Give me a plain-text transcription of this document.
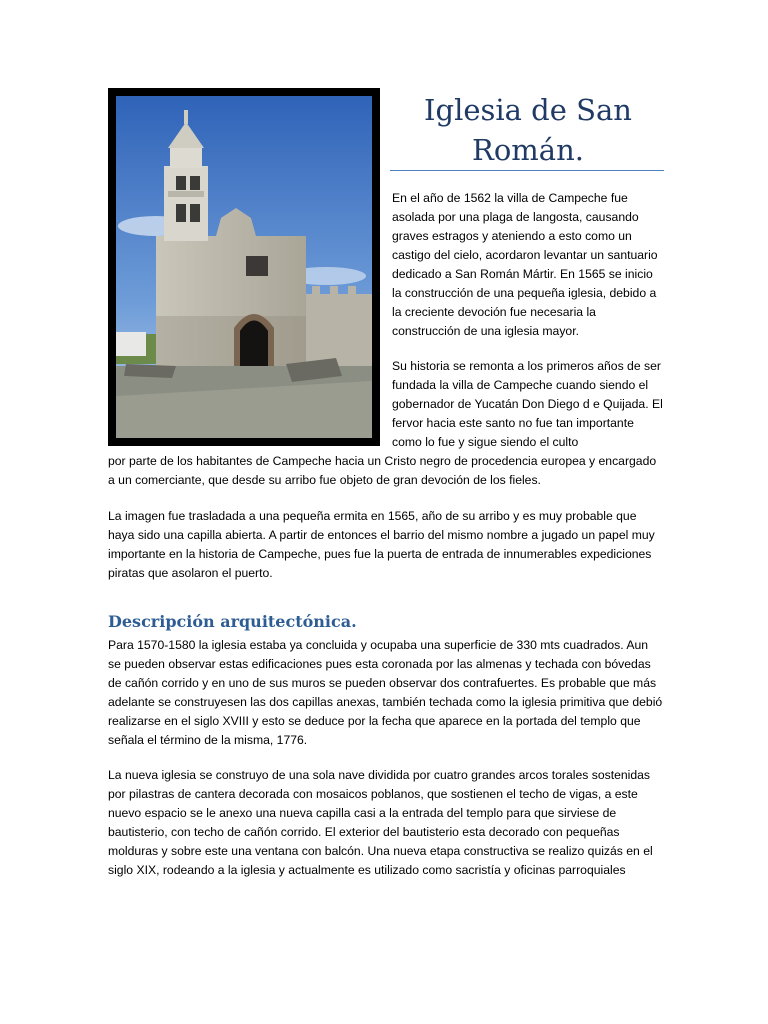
Iglesia de San Román.

En el año de 1562 la villa de Campeche fue asolada por una plaga de langosta, causando graves estragos y ateniendo a esto como un castigo del cielo, acordaron levantar un santuario dedicado a San Román Mártir. En 1565 se inicio la construcción de una pequeña iglesia, debido a la creciente devoción fue necesaria la construcción de una iglesia mayor.

Su historia se remonta a los primeros años de ser fundada la villa de Campeche cuando siendo el gobernador de Yucatán Don Diego d e Quijada. El fervor hacia este santo no fue tan importante como lo fue y sigue siendo el culto

por parte de los habitantes de Campeche hacia un Cristo negro de procedencia europea y encargado a un comerciante, que desde su arribo fue objeto de gran devoción de los fieles.

La imagen fue trasladada a una pequeña ermita en 1565, año de su arribo y es muy probable que haya sido una capilla abierta. A partir de entonces el barrio del mismo nombre a jugado un papel muy importante en la historia de Campeche, pues fue la puerta de entrada de innumerables expediciones piratas que asolaron el puerto.

Descripción arquitectónica.

Para 1570-1580 la iglesia estaba ya concluida y ocupaba una superficie de 330 mts cuadrados. Aun se pueden observar estas edificaciones pues esta coronada por las almenas y techada con bóvedas de cañón corrido y en uno de sus muros se pueden observar dos contrafuertes. Es probable que más adelante se construyesen las dos capillas anexas, también techada como la iglesia primitiva que debió realizarse en el siglo XVIII y esto se deduce por la fecha que aparece en la portada del templo que señala el término de la misma, 1776.

La nueva iglesia se construyo de una sola nave dividida por cuatro grandes arcos torales sostenidas por pilastras de cantera decorada con mosaicos poblanos, que sostienen el techo de vigas, a este nuevo espacio se le anexo una nueva capilla casi a la entrada del templo para que sirviese de bautisterio, con techo de cañón corrido. El exterior del bautisterio esta decorado con pequeñas molduras y sobre este una ventana con balcón. Una nueva etapa constructiva se realizo quizás en el siglo XIX, rodeando a la iglesia y actualmente es utilizado como sacristía y oficinas parroquiales
